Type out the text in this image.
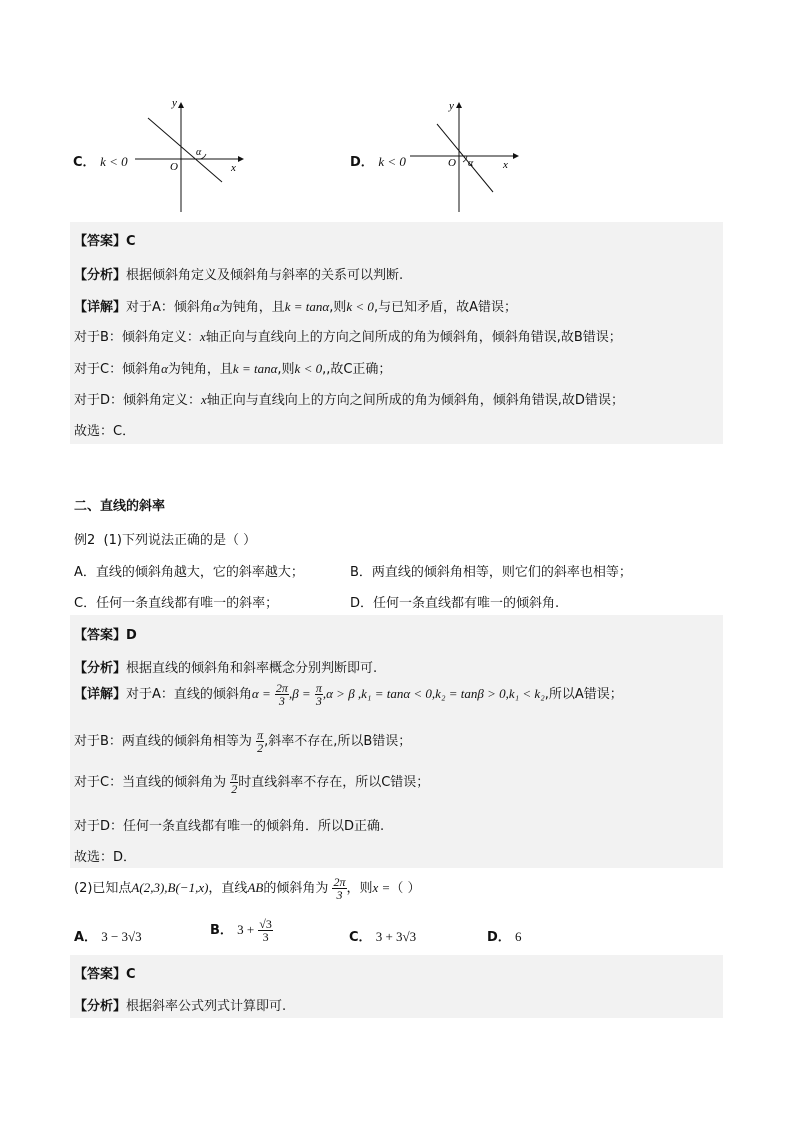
C． k < 0
y
x
O
α
D． k < 0
y
x
O α
【答案】C
【分析】根据倾斜角定义及倾斜角与斜率的关系可以判断.
【详解】对于A：倾斜角α为钝角，且k = tanα,则k < 0,与已知矛盾，故A错误；
对于B：倾斜角定义：x轴正向与直线向上的方向之间所成的角为倾斜角，倾斜角错误,故B错误；
对于C：倾斜角α为钝角，且k = tanα,则k < 0,,故C正确；
对于D：倾斜角定义：x轴正向与直线向上的方向之间所成的角为倾斜角，倾斜角错误,故D错误；
故选：C．
二、直线的斜率
例2 (1)下列说法正确的是（ ）
A．直线的倾斜角越大，它的斜率越大；	B．两直线的倾斜角相等，则它们的斜率也相等；
C．任何一条直线都有唯一的斜率；	D．任何一条直线都有唯一的倾斜角.
【答案】D
【分析】根据直线的倾斜角和斜率概念分别判断即可.
【详解】对于A：直线的倾斜角$\alpha = \frac{2\pi}{3} ,\beta = \frac{\pi}{3} ,\alpha > \beta$ ,k₁ = tanα < 0,k₂ = tanβ > 0,k₁ < k₂,所以A错误；
对于B：两直线的倾斜角相等为 $\frac{\pi}{2}$ ,斜率不存在,所以B错误；
对于C：当直线的倾斜角为 $\frac{\pi}{2}$ 时直线斜率不存在，所以C错误；
对于D：任何一条直线都有唯一的倾斜角．所以D正确.
故选：D．
(2)已知点A(2,3),B(−1,x)，直线AB的倾斜角为 $\frac{2\pi}{3}$ ，则x =（ ）
A． 3 − 3√3	B． $3 + \frac{√3}{3}$	C． 3 + 3√3	D． 6
【答案】C
【分析】根据斜率公式列式计算即可.
